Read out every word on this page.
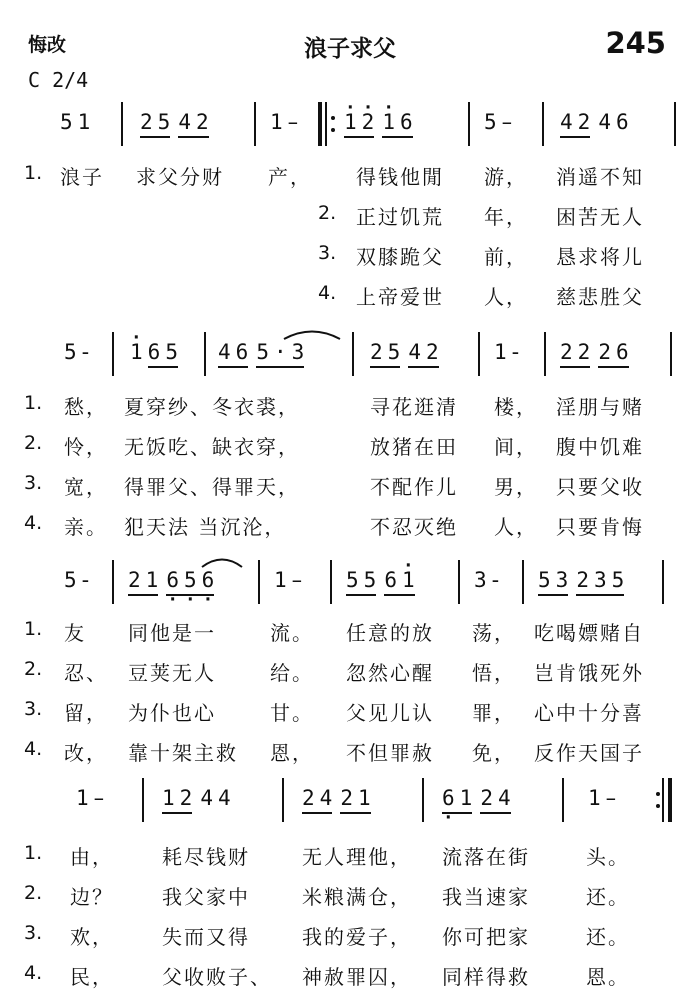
悔改	浪子求父	245
C 2/4
5 1 2 5 4 2	1 – · 1 · 2 · 1 6	5 – 4 2 4 6
1. 浪子 求父分财 产， 得钱他閒 游， 消遥不知
2. 正过饥荒 年， 困苦无人
3. 双膝跪父 前， 恳求将儿
4. 上帝爱世 人， 慈悲胜父
5 - · 1 6 5 4 6 5 · 3	2 5 4 2	1 - 2 2 2 6
1. 愁， 夏穿纱、冬衣裘，	寻花逛清 楼， 淫朋与赌
2. 怜， 无饭吃、缺衣穿，	放猪在田 间， 腹中饥难
3. 宽， 得罪父、得罪天，	不配作儿 男， 只要父收
4. 亲。 犯天法 当沉沦，	不忍灭绝 人， 只要肯悔
5 - 2 1 6 · 5 · 6 ·	1 – 5 5 6 · 1	3 - 5 3 2 3 5
1. 友 同他是一	流。 任意的放 荡， 吃喝嫖赌自
2. 忍、 豆荚无人	给。 忽然心醒 悟， 岂肯饿死外
3. 留， 为仆也心	甘。 父见儿认 罪， 心中十分喜
4. 改， 靠十架主救 恩， 不但罪赦 免， 反作天国子
1 –	1 2 4 4	2 4 2 1	6 · 1 2 4	1 –
1. 由， 耗尽钱财	无人理他， 流落在街	头。
2. 边？ 我父家中	米粮满仓， 我当速家	还。
3. 欢， 失而又得	我的爱子， 你可把家	还。
4. 民， 父收败子、 神赦罪囚， 同样得救	恩。
